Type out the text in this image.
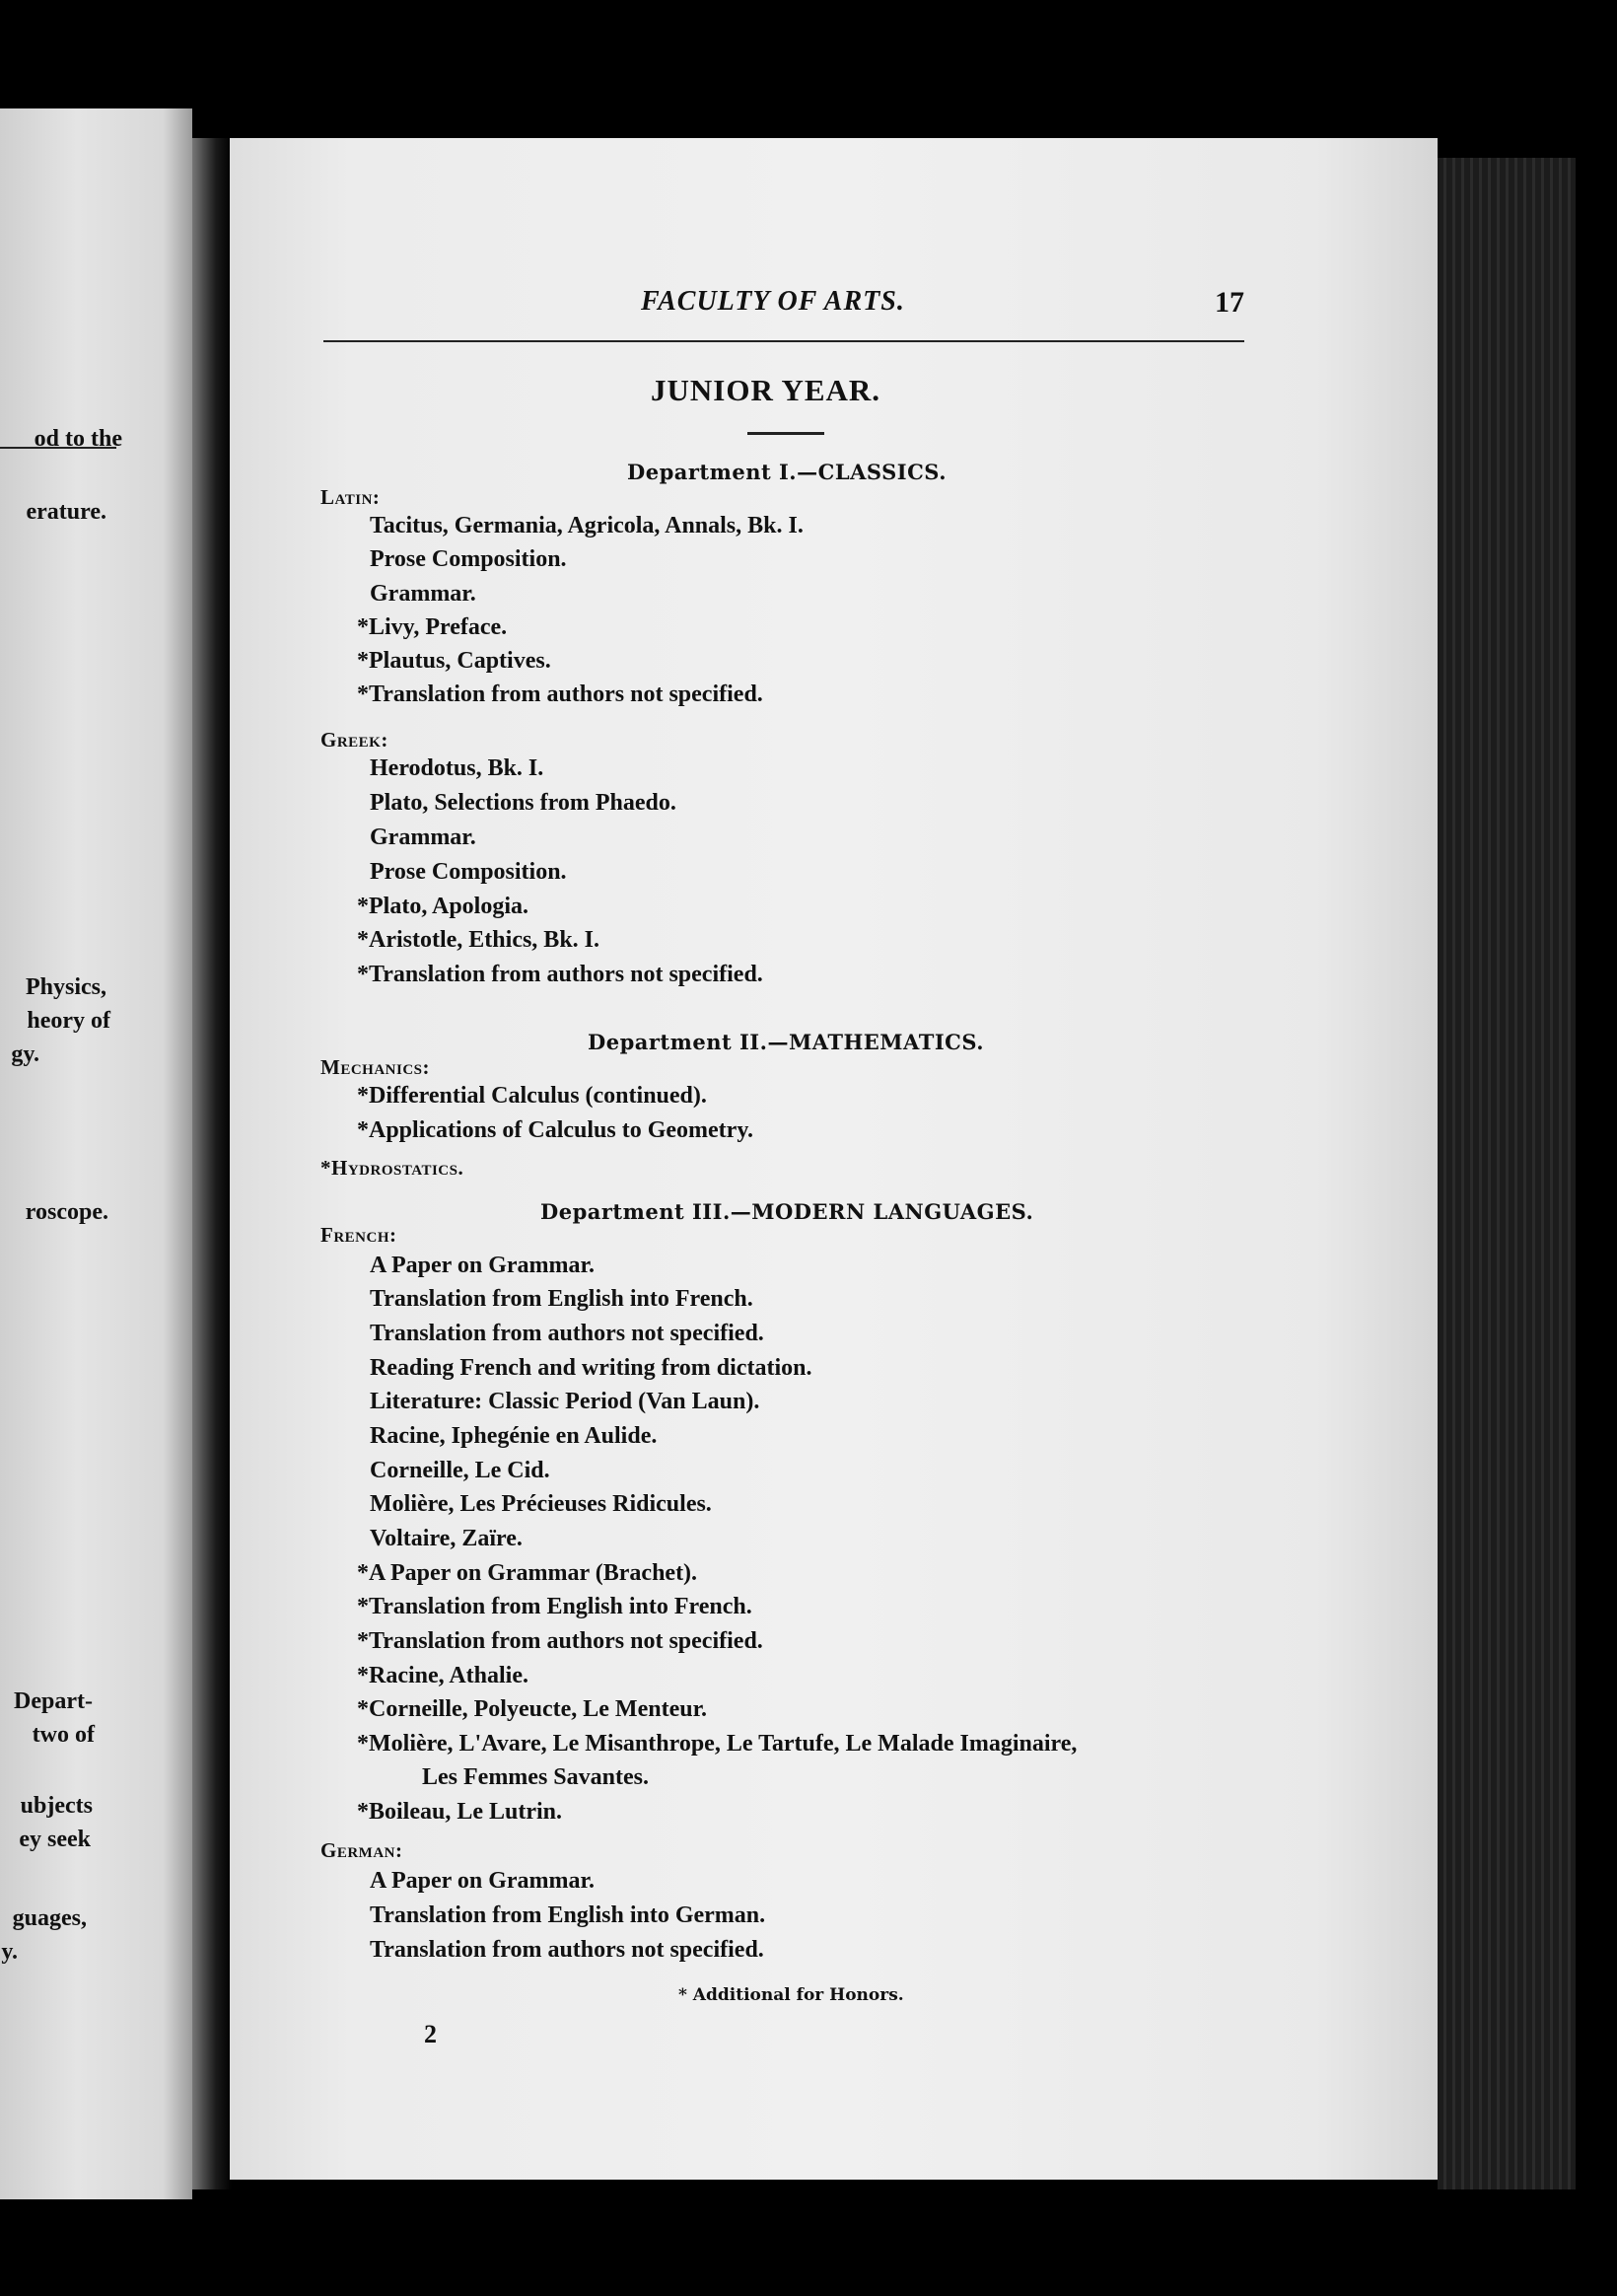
od to the
erature.
Physics,
heory of
gy.
roscope.
Depart-
two of
ubjects
ey seek
guages,
y.
FACULTY OF ARTS.	17
JUNIOR YEAR.
Department I.—CLASSICS.
Latin:
Tacitus, Germania, Agricola, Annals, Bk. I.
Prose Composition.
Grammar.
*Livy, Preface.
*Plautus, Captives.
*Translation from authors not specified.
Greek:
Herodotus, Bk. I.
Plato, Selections from Phaedo.
Grammar.
Prose Composition.
*Plato, Apologia.
*Aristotle, Ethics, Bk. I.
*Translation from authors not specified.
Department II.—MATHEMATICS.
Mechanics:
*Differential Calculus (continued).
*Applications of Calculus to Geometry.
*Hydrostatics.
Department III.—MODERN LANGUAGES.
French:
A Paper on Grammar.
Translation from English into French.
Translation from authors not specified.
Reading French and writing from dictation.
Literature: Classic Period (Van Laun).
Racine, Iphegénie en Aulide.
Corneille, Le Cid.
Molière, Les Précieuses Ridicules.
Voltaire, Zaïre.
*A Paper on Grammar (Brachet).
*Translation from English into French.
*Translation from authors not specified.
*Racine, Athalie.
*Corneille, Polyeucte, Le Menteur.
*Molière, L'Avare, Le Misanthrope, Le Tartufe, Le Malade Imaginaire,
Les Femmes Savantes.
*Boileau, Le Lutrin.
German:
A Paper on Grammar.
Translation from English into German.
Translation from authors not specified.
* Additional for Honors.
2
